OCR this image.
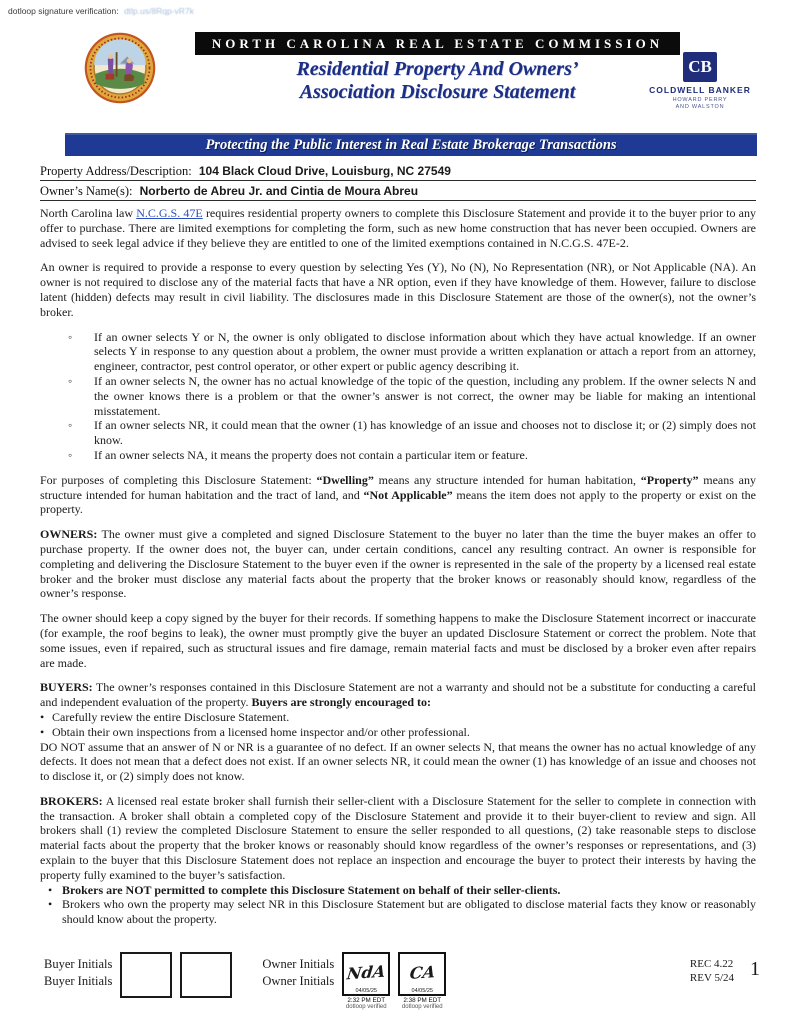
dotloop signature verification: dtlp.us/8Rqp-vR7k
NORTH CAROLINA REAL ESTATE COMMISSION
Residential Property And Owners’
Association Disclosure Statement
CB
COLDWELL BANKER
HOWARD PERRY
AND WALSTON
Protecting the Public Interest in Real Estate Brokerage Transactions
Property Address/Description: 104 Black Cloud Drive, Louisburg, NC 27549
Owner’s Name(s): Norberto de Abreu Jr. and Cintia de Moura Abreu

North Carolina law N.C.G.S. 47E requires residential property owners to complete this Disclosure Statement and provide it to the buyer prior to any offer to purchase. There are limited exemptions for completing the form, such as new home construction that has never been occupied. Owners are advised to seek legal advice if they believe they are entitled to one of the limited exemptions contained in N.C.G.S. 47E-2.

An owner is required to provide a response to every question by selecting Yes (Y), No (N), No Representation (NR), or Not Applicable (NA). An owner is not required to disclose any of the material facts that have a NR option, even if they have knowledge of them. However, failure to disclose latent (hidden) defects may result in civil liability. The disclosures made in this Disclosure Statement are those of the owner(s), not the owner’s broker.

◦	If an owner selects Y or N, the owner is only obligated to disclose information about which they have actual knowledge. If an owner selects Y in response to any question about a problem, the owner must provide a written explanation or attach a report from an attorney, engineer, contractor, pest control operator, or other expert or public agency describing it.
◦	If an owner selects N, the owner has no actual knowledge of the topic of the question, including any problem. If the owner selects N and the owner knows there is a problem or that the owner’s answer is not correct, the owner may be liable for making an intentional misstatement.
◦	If an owner selects NR, it could mean that the owner (1) has knowledge of an issue and chooses not to disclose it; or (2) simply does not know.
◦	If an owner selects NA, it means the property does not contain a particular item or feature.

For purposes of completing this Disclosure Statement: “Dwelling” means any structure intended for human habitation, “Property” means any structure intended for human habitation and the tract of land, and “Not Applicable” means the item does not apply to the property or exist on the property.

OWNERS: The owner must give a completed and signed Disclosure Statement to the buyer no later than the time the buyer makes an offer to purchase property. If the owner does not, the buyer can, under certain conditions, cancel any resulting contract. An owner is responsible for completing and delivering the Disclosure Statement to the buyer even if the owner is represented in the sale of the property by a licensed real estate broker and the broker must disclose any material facts about the property that the broker knows or reasonably should know, regardless of the owner’s response.

The owner should keep a copy signed by the buyer for their records. If something happens to make the Disclosure Statement incorrect or inaccurate (for example, the roof begins to leak), the owner must promptly give the buyer an updated Disclosure Statement or correct the problem. Note that some issues, even if repaired, such as structural issues and fire damage, remain material facts and must be disclosed by a broker even after repairs are made.

BUYERS: The owner’s responses contained in this Disclosure Statement are not a warranty and should not be a substitute for conducting a careful and independent evaluation of the property. Buyers are strongly encouraged to:

• Carefully review the entire Disclosure Statement.
• Obtain their own inspections from a licensed home inspector and/or other professional.

DO NOT assume that an answer of N or NR is a guarantee of no defect. If an owner selects N, that means the owner has no actual knowledge of any defects. It does not mean that a defect does not exist. If an owner selects NR, it could mean the owner (1) has knowledge of an issue and chooses not to disclose it, or (2) simply does not know.

BROKERS: A licensed real estate broker shall furnish their seller-client with a Disclosure Statement for the seller to complete in connection with the transaction. A broker shall obtain a completed copy of the Disclosure Statement and provide it to their buyer-client to review and sign. All brokers shall (1) review the completed Disclosure Statement to ensure the seller responded to all questions, (2) take reasonable steps to disclose material facts about the property that the broker knows or reasonably should know regardless of the owner’s responses or representations, and (3) explain to the buyer that this Disclosure Statement does not replace an inspection and encourage the buyer to protect their interests by having the property fully examined to the buyer’s satisfaction.

• Brokers are NOT permitted to complete this Disclosure Statement on behalf of their seller-clients.
• Brokers who own the property may select NR in this Disclosure Statement but are obligated to disclose material facts they know or reasonably should know about the property.
Buyer Initials
Buyer Initials
Owner Initials
Owner Initials NdA
04/05/25
2:32 PM EDT
dotloop verified
CA
04/05/25
2:38 PM EDT
dotloop verified
REC 4.22
REV 5/24 1
